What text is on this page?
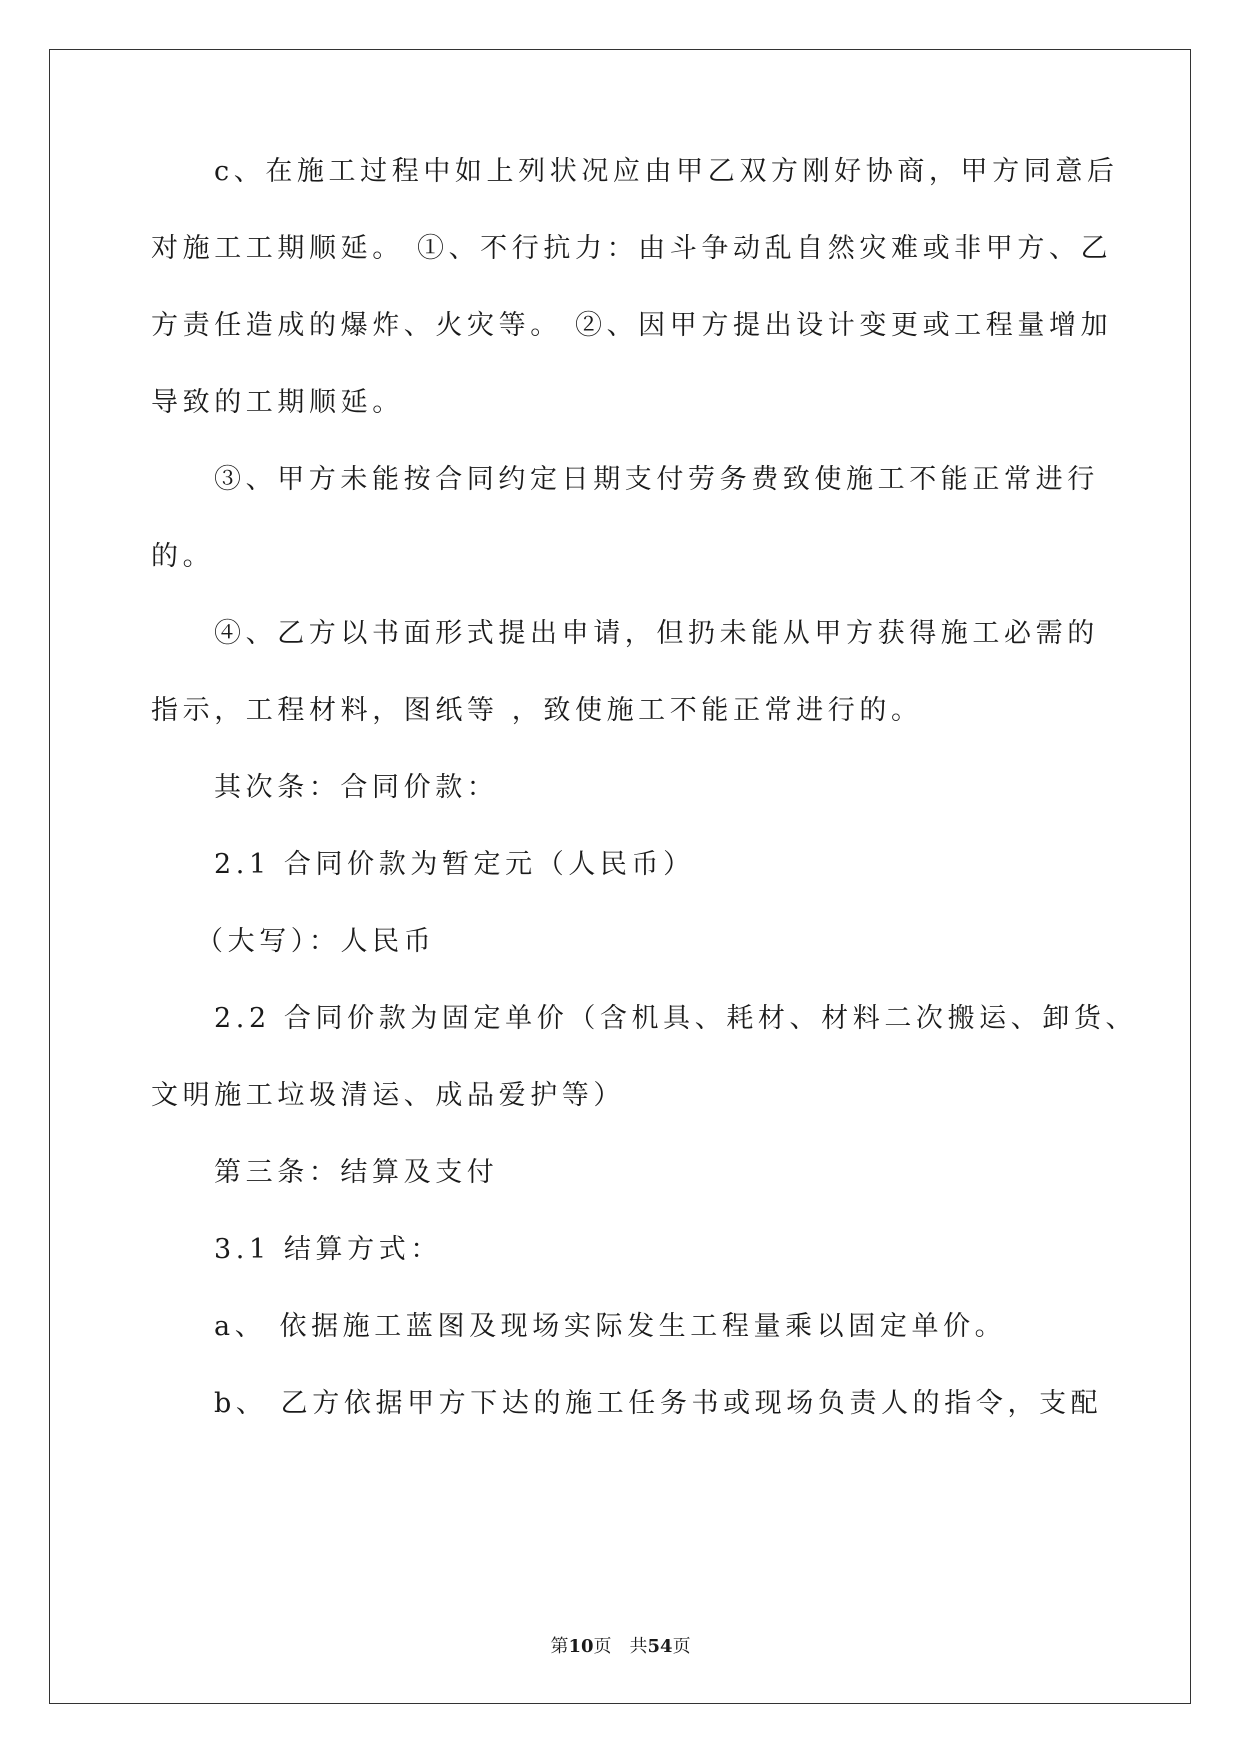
c、在施工过程中如上列状况应由甲乙双方刚好协商，甲方同意后
对施工工期顺延。 ①、不行抗力：由斗争动乱自然灾难或非甲方、乙
方责任造成的爆炸、火灾等。 ②、因甲方提出设计变更或工程量增加
导致的工期顺延。
③、甲方未能按合同约定日期支付劳务费致使施工不能正常进行
的。
④、乙方以书面形式提出申请，但扔未能从甲方获得施工必需的
指示，工程材料，图纸等 ，致使施工不能正常进行的。
其次条：合同价款：
2.1 合同价款为暂定元（人民币）
（大写）：人民币
2.2 合同价款为固定单价（含机具、耗材、材料二次搬运、卸货、
文明施工垃圾清运、成品爱护等）
第三条：结算及支付
3.1 结算方式：
a、 依据施工蓝图及现场实际发生工程量乘以固定单价。
b、 乙方依据甲方下达的施工任务书或现场负责人的指令，支配
第10页　共54页
